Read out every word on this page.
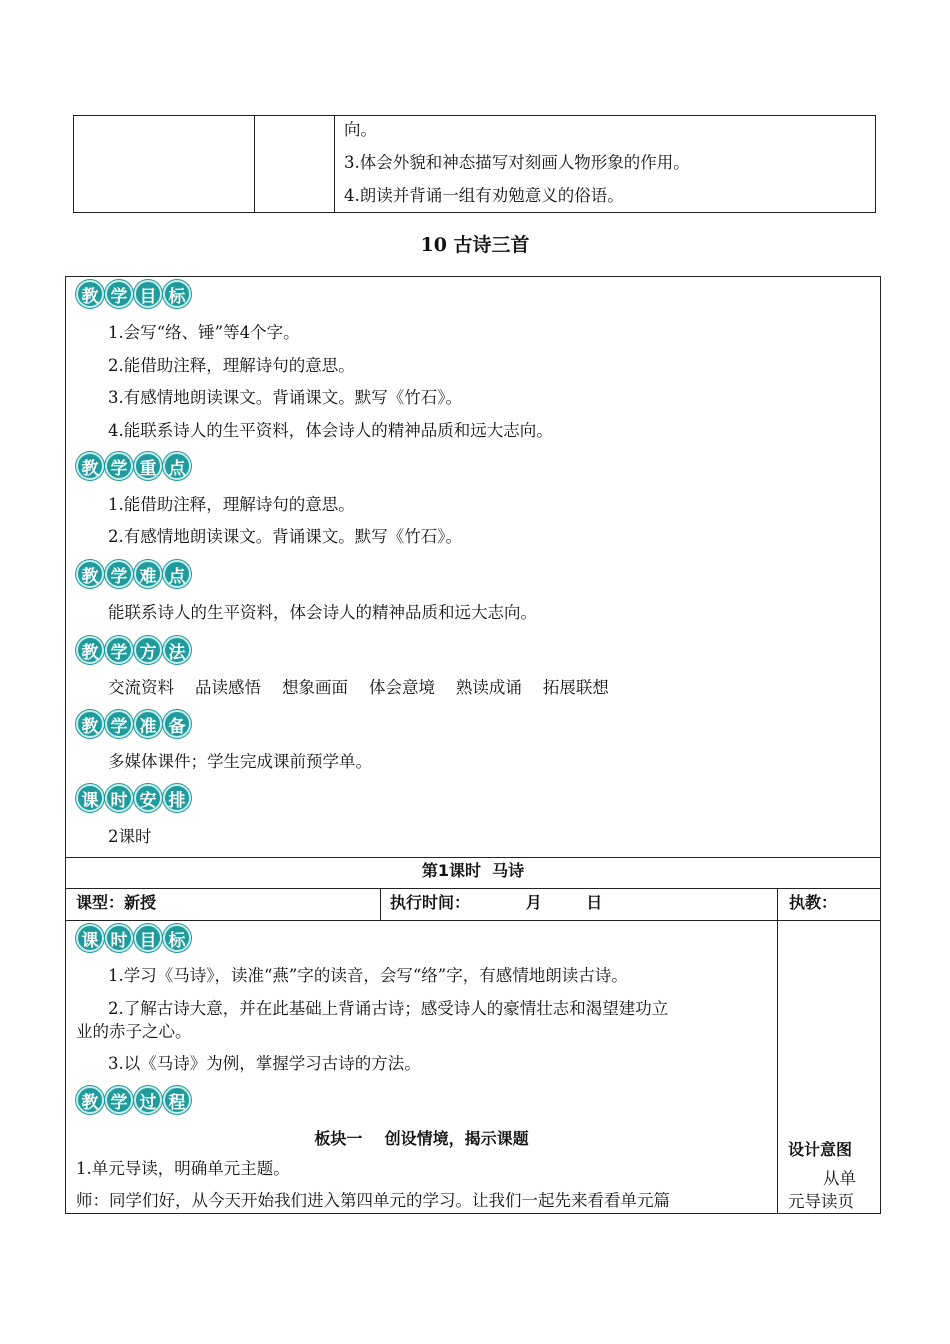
向。
3.体会外貌和神态描写对刻画人物形象的作用。
4.朗读并背诵一组有劝勉意义的俗语。
10 古诗三首
教 学 目 标
1.会写“络、锤”等4个字。
2.能借助注释，理解诗句的意思。
3.有感情地朗读课文。背诵课文。默写《竹石》。
4.能联系诗人的生平资料，体会诗人的精神品质和远大志向。
教 学 重 点
1.能借助注释，理解诗句的意思。
2.有感情地朗读课文。背诵课文。默写《竹石》。
教 学 难 点
能联系诗人的生平资料，体会诗人的精神品质和远大志向。
教 学 方 法
交流资料    品读感悟    想象画面    体会意境    熟读成诵    拓展联想
教 学 准 备
多媒体课件；学生完成课前预学单。
课 时 安 排
2课时
第1课时  马诗
课型：新授	执行时间：          月        日	执教：
课 时 目 标
1.学习《马诗》，读准“燕”字的读音，会写“络”字，有感情地朗读古诗。
2.了解古诗大意，并在此基础上背诵古诗；感受诗人的豪情壮志和渴望建功立
业的赤子之心。
3.以《马诗》为例，掌握学习古诗的方法。
教 学 过 程
板块一    创设情境，揭示课题
1.单元导读，明确单元主题。
师：同学们好，从今天开始我们进入第四单元的学习。让我们一起先来看看单元篇
设计意图
从单
元导读页
